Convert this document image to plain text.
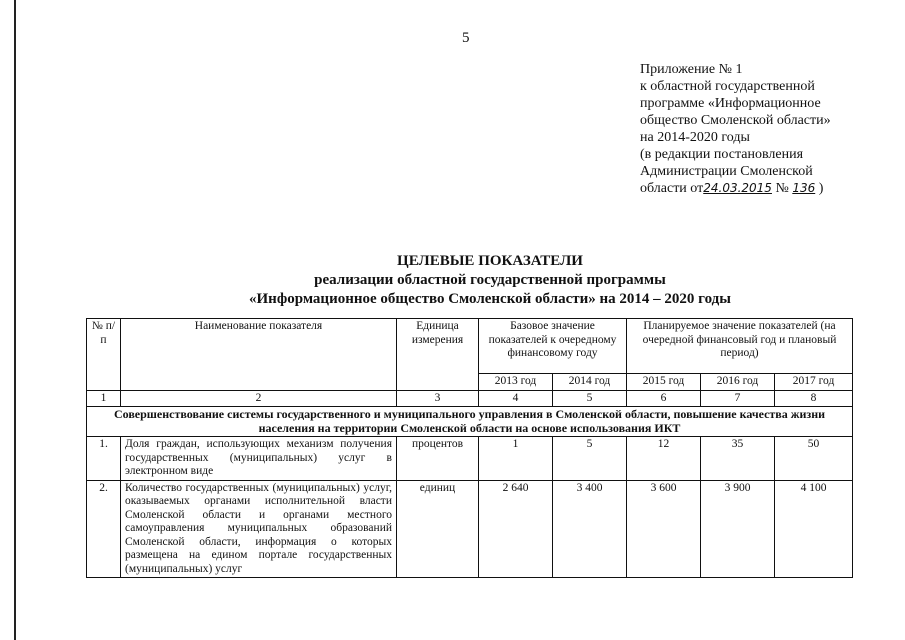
5
Приложение № 1
к областной государственной
программе «Информационное
общество Смоленской области»
на 2014-2020 годы
(в редакции постановления
Администрации Смоленской
области от24.03.2015 № 136 )
ЦЕЛЕВЫЕ ПОКАЗАТЕЛИ
реализации областной государственной программы
«Информационное общество Смоленской области» на 2014 – 2020 годы
№ п/п	Наименование показателя	Единица измерения	Базовое значение показателей к очередному финансовому году		Планируемое значение показателей (на очередной финансовый год и плановый период)		
			2013 год	2014 год	2015 год	2016 год	2017 год
1	2	3	4	5	6	7	8
Совершенствование системы государственного и муниципального управления в Смоленской области, повышение качества жизни населения на территории Смоленской области на основе использования ИКТ							
1.	Доля граждан, использующих механизм получения государственных (муниципальных) услуг в электронном виде	процентов	1	5	12	35	50
2.	Количество государственных (муниципальных) услуг, оказываемых органами исполнительной власти Смоленской области и органами местного самоуправления муниципальных образований Смоленской области, информация о которых размещена на едином портале государственных (муниципальных) услуг	единиц	2 640	3 400	3 600	3 900	4 100
